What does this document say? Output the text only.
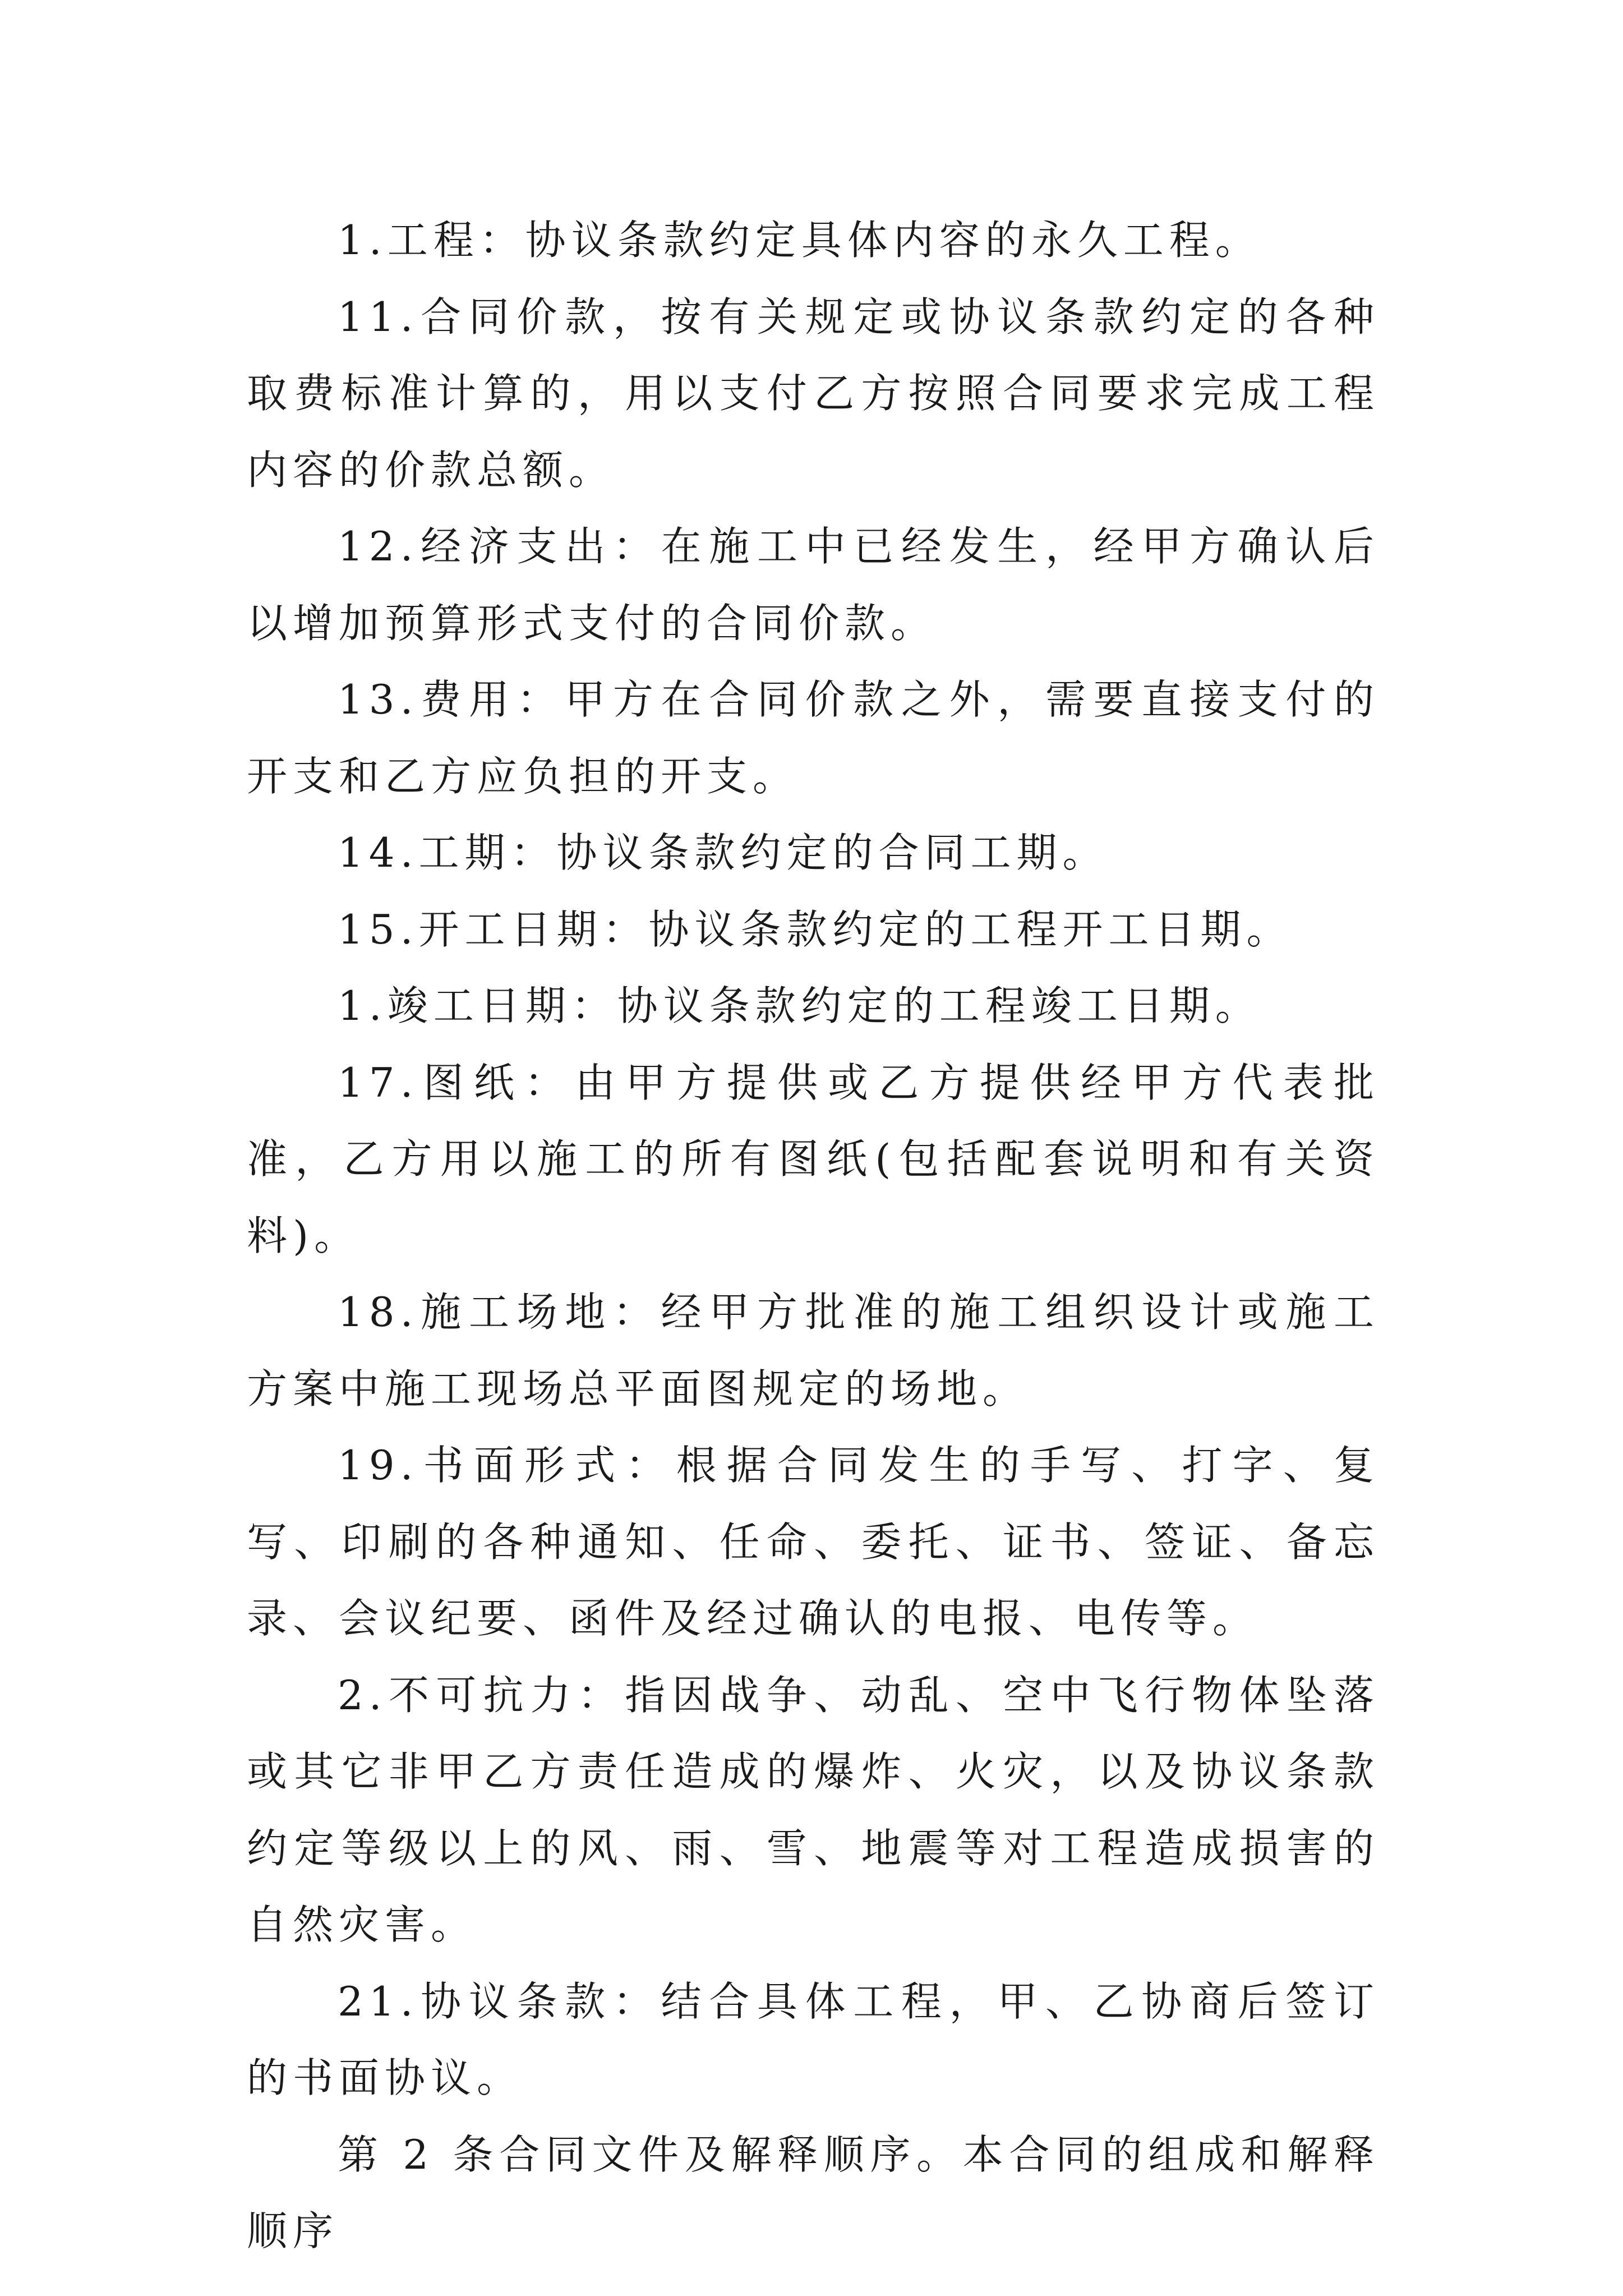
1.工程：协议条款约定具体内容的永久工程。

11.合同价款，按有关规定或协议条款约定的各种取费标准计算的，用以支付乙方按照合同要求完成工程内容的价款总额。

12.经济支出：在施工中已经发生，经甲方确认后以增加预算形式支付的合同价款。

13.费用：甲方在合同价款之外，需要直接支付的开支和乙方应负担的开支。

14.工期：协议条款约定的合同工期。

15.开工日期：协议条款约定的工程开工日期。

1.竣工日期：协议条款约定的工程竣工日期。

17.图纸：由甲方提供或乙方提供经甲方代表批准，乙方用以施工的所有图纸(包括配套说明和有关资料)。

18.施工场地：经甲方批准的施工组织设计或施工方案中施工现场总平面图规定的场地。

19.书面形式：根据合同发生的手写、打字、复写、印刷的各种通知、任命、委托、证书、签证、备忘录、会议纪要、函件及经过确认的电报、电传等。

2.不可抗力：指因战争、动乱、空中飞行物体坠落或其它非甲乙方责任造成的爆炸、火灾，以及协议条款约定等级以上的风、雨、雪、地震等对工程造成损害的自然灾害。

21.协议条款：结合具体工程，甲、乙协商后签订的书面协议。

第 2 条合同文件及解释顺序。本合同的组成和解释顺序
